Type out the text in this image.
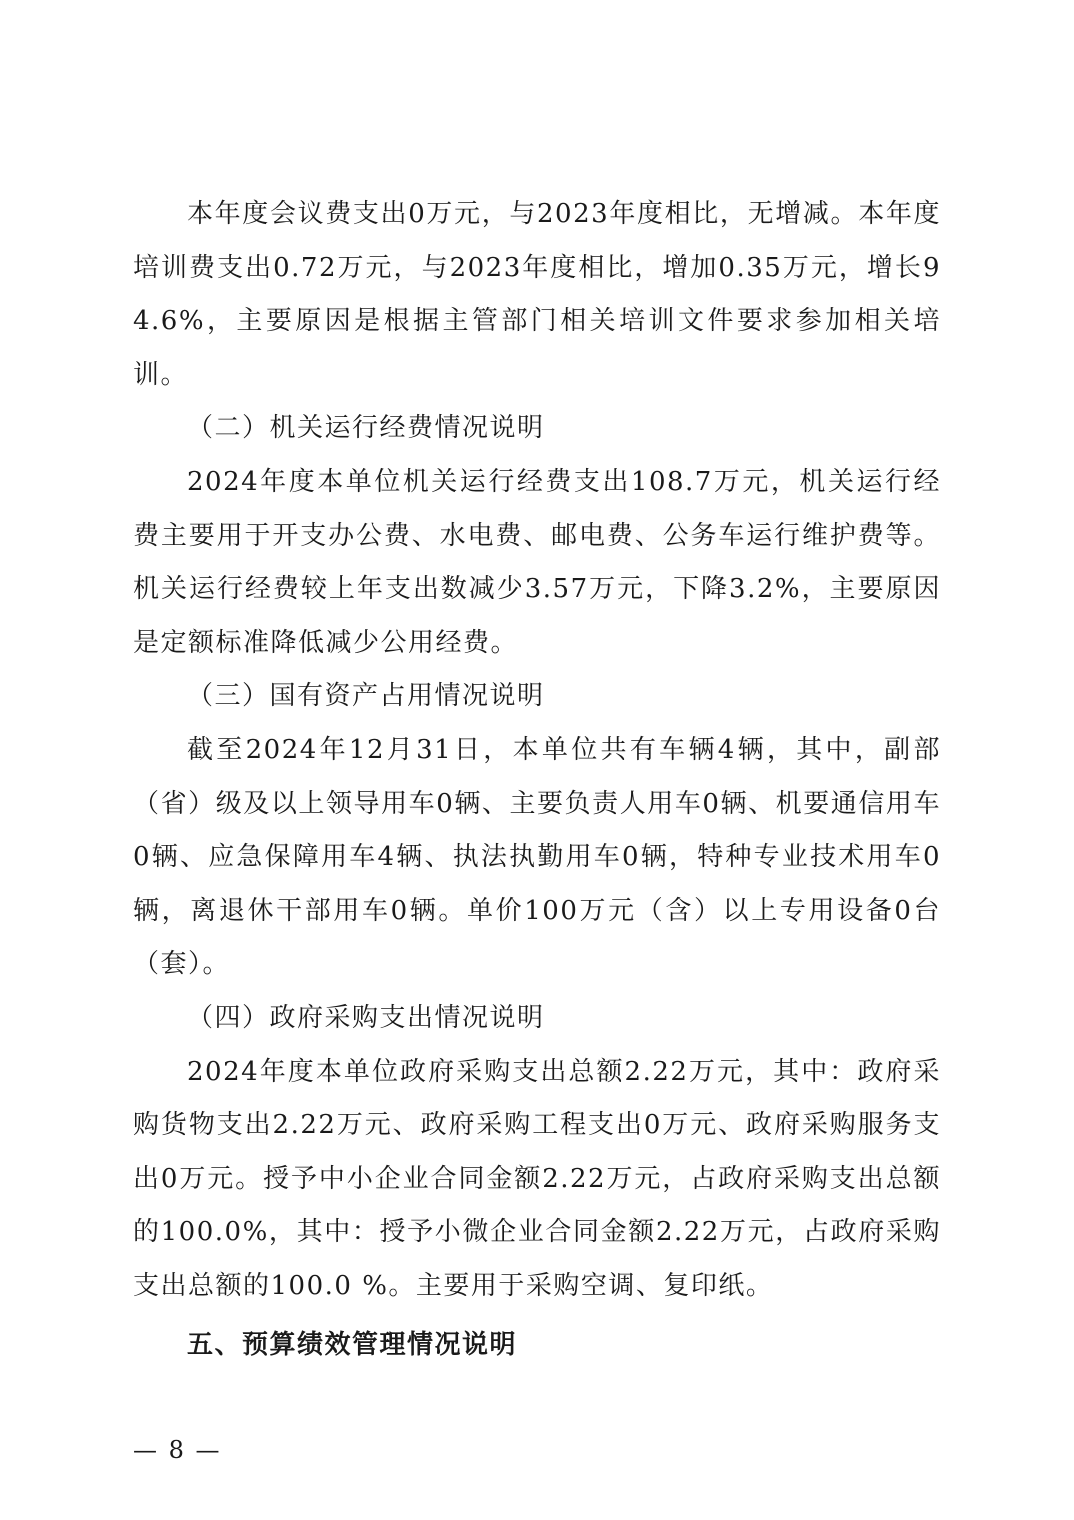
本年度会议费支出0万元，与2023年度相比，无增减。本年度培训费支出0.72万元，与2023年度相比，增加0.35万元，增长94.6%，主要原因是根据主管部门相关培训文件要求参加相关培训。

（二）机关运行经费情况说明

2024年度本单位机关运行经费支出108.7万元，机关运行经费主要用于开支办公费、水电费、邮电费、公务车运行维护费等。机关运行经费较上年支出数减少3.57万元，下降3.2%，主要原因是定额标准降低减少公用经费。

（三）国有资产占用情况说明

截至2024年12月31日，本单位共有车辆4辆，其中，副部（省）级及以上领导用车0辆、主要负责人用车0辆、机要通信用车0辆、应急保障用车4辆、执法执勤用车0辆，特种专业技术用车0辆，离退休干部用车0辆。单价100万元（含）以上专用设备0台（套）。

（四）政府采购支出情况说明

2024年度本单位政府采购支出总额2.22万元，其中：政府采购货物支出2.22万元、政府采购工程支出0万元、政府采购服务支出0万元。授予中小企业合同金额2.22万元，占政府采购支出总额的100.0%，其中：授予小微企业合同金额2.22万元，占政府采购支出总额的100.0 %。主要用于采购空调、复印纸。

五、预算绩效管理情况说明

— 8 —
